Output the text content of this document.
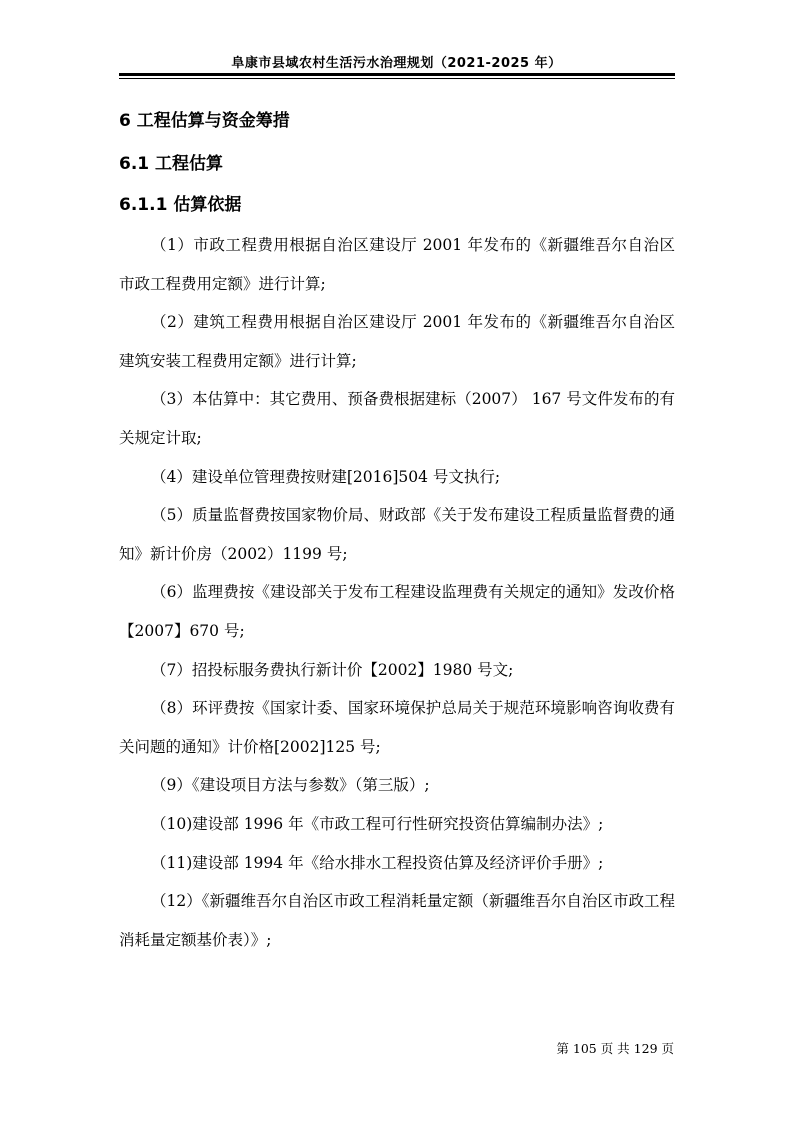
阜康市县域农村生活污水治理规划（2021-2025 年）
6 工程估算与资金筹措
6.1 工程估算
6.1.1 估算依据

（1）市政工程费用根据自治区建设厅 2001 年发布的《新疆维吾尔自治区市政工程费用定额》进行计算;

（2）建筑工程费用根据自治区建设厅 2001 年发布的《新疆维吾尔自治区建筑安装工程费用定额》进行计算;

（3）本估算中：其它费用、预备费根据建标（2007） 167 号文件发布的有关规定计取;

（4）建设单位管理费按财建[2016]504 号文执行;

（5）质量监督费按国家物价局、财政部《关于发布建设工程质量监督费的通知》新计价房（2002）1199 号;

（6）监理费按《建设部关于发布工程建设监理费有关规定的通知》发改价格【2007】670 号;

（7）招投标服务费执行新计价【2002】1980 号文;

（8）环评费按《国家计委、国家环境保护总局关于规范环境影响咨询收费有关问题的通知》计价格[2002]125 号;

（9）《建设项目方法与参数》（第三版）;

（10)建设部 1996 年《市政工程可行性研究投资估算编制办法》;

（11)建设部 1994 年《给水排水工程投资估算及经济评价手册》;

（12）《新疆维吾尔自治区市政工程消耗量定额（新疆维吾尔自治区市政工程消耗量定额基价表）》;

第 105 页 共 129 页
